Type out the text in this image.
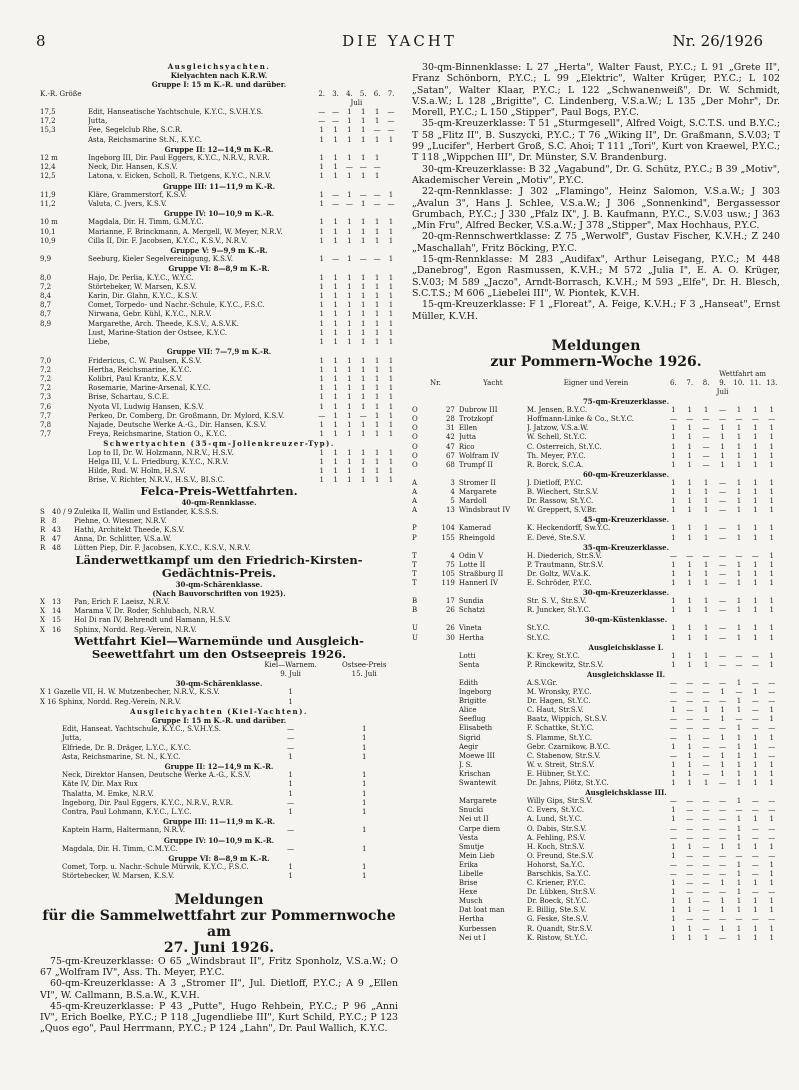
8	DIE YACHT	Nr. 26/1926
Ausgleichsyachten.
Kielyachten nach K.R.W.
Gruppe I: 15 m K.-R. und darüber.
K.-R. Größe		2.	3.	4.	5.	6.	7.
		Juli					
17,5	Edit, Hanseatische Yachtschule, K.Y.C., S.V.H.Y.S.	—	—	1	1	1	—
17,2	Jutta,	—	—	1	1	1	—
15,3	Fee, Segelclub Rhe, S.C.R.	1	1	1	1	—	—
	Asta, Reichsmarine St.N., K.Y.C.	1	1	1	1	1	1
Gruppe II: 12—14,9 m K.-R.							
12 m	Ingeborg III, Dir. Paul Eggers, K.Y.C., N.R.V., R.V.R.	1	1	1	1	1	
12,4	Neck, Dir. Hansen, K.S.V.	1	1	—	—	—	
12,5	Latona, v. Eicken, Scholl, R. Tietgens, K.Y.C., N.R.V.	1	1	1	1	1	
Gruppe III: 11—11,9 m K.-R.							
11,9	Kläre, Grammerstorf, K.S.V.	1	—	1	—	—	1
11,2	Valuta, C. Jvers, K.S.V.	1	—	—	1	—	—
Gruppe IV: 10—10,9 m K.-R.							
10 m	Magdala, Dir. H. Timm, G.M.Y.C.	1	1	1	1	1	1
10,1	Marianne, F. Brinckmann, A. Mergell, W. Meyer, N.R.V.	1	1	1	1	1	1
10,9	Cilla II, Dir. F. Jacobsen, K.Y.C., K.S.V., N.R.V.	1	1	1	1	1	1
Gruppe V: 9—9,9 m K.-R.							
9,9	Seeburg, Kieler Segelvereinigung, K.S.V.	1	—	1	—	—	1
Gruppe VI: 8—8,9 m K.-R.							
8,0	Hajo, Dr. Perlia, K.Y.C., W.Y.C.	1	1	1	1	1	1
7,2	Störtebeker, W. Marsen, K.S.V.	1	1	1	1	1	1
8,4	Karin, Dir. Glahn, K.Y.C., K.S.V.	1	1	1	1	1	1
8,7	Comet, Torpedo- und Nachr.-Schule, K.Y.C., F.S.C.	1	1	1	1	1	1
8,7	Nirwana, Gebr. Kühl, K.Y.C., N.R.V.	1	1	1	1	1	1
8,9	Margarethe, Arch. Theede, K.S.V., A.S.V.K.	1	1	1	1	1	1
	Lust, Marine-Station der Ostsee, K.Y.C.	1	1	1	1	1	1
	Liebe,	1	1	1	1	1	1
Gruppe VII: 7—7,9 m K.-R.							
7,0	Fridericus, C. W. Paulsen, K.S.V.	1	1	1	1	1	1
7,2	Hertha, Reichsmarine, K.Y.C.	1	1	1	1	1	1
7,2	Kolibri, Paul Krantz, K.S.V.	1	1	1	1	1	1
7,2	Rosemarie, Marine-Arsenal, K.Y.C.	1	1	1	1	1	1
7,3	Brise, Schartau, S.C.E.	1	1	1	1	1	1
7,6	Nyota VI, Ludwig Hansen, K.S.V.	1	1	1	1	1	1
7,7	Perkeo, Dr. Comberg, Dr. Großmann, Dr. Mylord, K.S.V.	—	1	1	—	1	1
7,8	Najade, Deutsche Werke A.-G., Dir. Hansen, K.S.V.	1	1	1	1	1	1
7,7	Freya, Reichsmarine, Station O., K.Y.C.	1	1	1	1	1	1
Schwertyachten (35-qm-Jollenkreuzer-Typ).							
	Lop to II, Dr. W. Holzmann, N.R.V., H.S.V.	1	1	1	1	1	1
	Helga III, V. L. Friedburg, K.Y.C., N.R.V.	1	1	1	1	1	1
	Hilde, Rud. W. Holm, H.S.V.	1	1	1	1	1	1
	Brise, V. Richter, N.R.V., H.S.V., BI.S.C.	1	1	1	1	1	1
Felca-Preis-Wettfahrten.
40-qm-Rennklasse.
S	40 / 9	Zuleika II, Wallin und Estlander, K.S.S.S.
R	8	Piehne, O. Wiesner, N.R.V.
R	43	Hathi, Architekt Theede, K.S.V.
R	47	Anna, Dr. Schlitter, V.S.a.W.
R	48	Lütten Piep, Dir. F. Jacobsen, K.Y.C., K.S.V., N.R.V.
Länderwettkampf um den Friedrich-Kirsten-Gedächtnis-Preis.
30-qm-Schärenklasse.
(Nach Bauvorschriften von 1925).
X	13	Pan, Erich F. Laeisz, N.R.V.
X	14	Marama V, Dr. Roder, Schlubach, N.R.V.
X	15	Hol Di ran IV, Behrendt und Hamann, H.S.V.
X	16	Sphinx, Nordd. Reg.-Verein, N.R.V.
Wettfahrt Kiel—Warnemünde und Ausgleich-Seewettfahrt um den Ostseepreis 1926.
	Kiel—Warnem.	Ostsee-Preis
	9. Juli	15. Juli
30-qm-Schärenklasse.		
X 1 Gazelle VII, H. W. Mutzenbecher, N.R.V., K.S.V.	1	
X 16 Sphinx, Nordd. Reg.-Verein, N.R.V.	1	
Ausgleichyachten (Kiel-Yachten).		
Gruppe I: 15 m K.-R. und darüber.		
Edit, Hanseat. Yachtschule, K.Y.C., S.V.H.Y.S.	—	1
Jutta,	—	1
Elfriede, Dr. B. Dräger, L.Y.C., K.Y.C.	—	1
Asta, Reichsmarine, St. N., K.Y.C.	1	1
Gruppe II: 12—14,9 m K.-R.		
Neck, Direktor Hansen, Deutsche Werke A.-G., K.S.V.	1	1
Käte IV, Dir. Max Rux	1	1
Thalatta, M. Emke, N.R.V.	1	1
Ingeborg, Dir. Paul Eggers, K.Y.C., N.R.V., R.V.R.	—	1
Contra, Paul Lohmann, K.Y.C., L.Y.C.	1	1
Gruppe III: 11—11,9 m K.-R.		
Kaptein Harm, Haltermann, N.R.V.	—	1
Gruppe IV: 10—10,9 m K.-R.		
Magdala, Dir. H. Timm, C.M.Y.C.	—	1
Gruppe VI: 8—8,9 m K.-R.		
Comet, Torp. u. Nachr.-Schule Mürwik, K.Y.C., F.S.C.	1	1
Störtebecker, W. Marsen, K.S.V.	1	1
Meldungen
für die Sammelwettfahrt zur Pommernwoche am
27. Juni 1926.

75-qm-Kreuzerklasse: O 65 „Windsbraut II", Fritz Sponholz, V.S.a.W.; O 67 „Wolfram IV", Ass. Th. Meyer, P.Y.C.

60-qm-Kreuzerklasse: A 3 „Stromer II", Jul. Dietloff, P.Y.C.; A 9 „Ellen VI", W. Callmann, B.S.a.W., K.V.H.

45-qm-Kreuzerklasse: P 43 „Putte", Hugo Rehbein, P.Y.C.; P 96 „Anni IV", Erich Boelke, P.Y.C.; P 118 „Jugendliebe III", Kurt Schild, P.Y.C.; P 123 „Quos ego", Paul Herrmann, P.Y.C.; P 124 „Lahn", Dr. Paul Wallich, K.Y.C.

30-qm-Binnenklasse: L 27 „Herta", Walter Faust, P.Y.C.; L 91 „Grete II", Franz Schönborn, P.Y.C.; L 99 „Elektric", Walter Krüger, P.Y.C.; L 102 „Satan", Walter Klaar, P.Y.C.; L 122 „Schwanenweiß", Dr. W. Schmidt, V.S.a.W.; L 128 „Brigitte", C. Lindenberg, V.S.a.W.; L 135 „Der Mohr", Dr. Morell, P.Y.C.; L 150 „Stipper", Paul Bogs, P.Y.C.

35-qm-Kreuzerklasse: T 51 „Sturmgesell", Alfred Voigt, S.C.T.S. und B.Y.C.; T 58 „Flitz II", B. Suszycki, P.Y.C.; T 76 „Wiking II", Dr. Graßmann, S.V.03; T 99 „Lucifer", Herbert Groß, S.C. Ahoi; T 111 „Tori", Kurt von Kraewel, P.Y.C.; T 118 „Wippchen III", Dr. Münster, S.V. Brandenburg.

30-qm-Kreuzerklasse: B 32 „Vagabund", Dr. G. Schütz, P.Y.C.; B 39 „Motiv", Akademischer Verein „Motiv", P.Y.C.

22-qm-Rennklasse: J 302 „Flamingo", Heinz Salomon, V.S.a.W.; J 303 „Avalun 3", Hans J. Schlee, V.S.a.W.; J 306 „Sonnenkind", Bergassessor Grumbach, P.Y.C.; J 330 „Pfalz IX", J. B. Kaufmann, P.Y.C., S.V.03 usw.; J 363 „Min Fru", Alfred Becker, V.S.a.W.; J 378 „Stipper", Max Hochhaus, P.Y.C.

20-qm-Rennschwertklasse: Z 75 „Werwolf", Gustav Fischer, K.V.H.; Z 240 „Maschallah", Fritz Böcking, P.Y.C.

15-qm-Rennklasse: M 283 „Audifax", Arthur Leisegang, P.Y.C.; M 448 „Danebrog", Egon Rasmussen, K.V.H.; M 572 „Julia I", E. A. O. Krüger, S.V.03; M 589 „Jaczo", Arndt-Borrasch, K.V.H.; M 593 „Elfe", Dr. H. Blesch, S.C.T.S.; M 606 „Liebelei III", W. Piontek, K.V.H.

15-qm-Kreuzerklasse: F 1 „Floreat", A. Feige, K.V.H.; F 3 „Hanseat", Ernst Müller, K.V.H.

Meldungen
zur Pommern-Woche 1926.
				Wettfahrt am						
Nr.		Yacht	Eigner und Verein	6.	7.	8.	9.	10.	11.	13.
				Juli						
75-qm-Kreuzerklasse.										
O	27	Dubrow III	M. Jensen, B.Y.C.	1	1	1	—	1	1	1
O	28	Trotzkopf	Hoffmann-Linke & Co., St.Y.C.	—	—	—	—	—	—	—
O	31	Ellen	J. Jatzow, V.S.a.W.	1	1	—	1	1	1	1
O	42	Jutta	W. Schell, St.Y.C.	1	1	—	1	1	1	1
O	47	Rico	C. Österreich, St.Y.C.	1	1	—	1	1	1	1
O	67	Wolfram IV	Th. Meyer, P.Y.C.	1	1	—	1	1	1	1
O	68	Trumpf II	R. Borck, S.C.A.	1	1	—	1	1	1	1
60-qm-Kreuzerklasse.										
A	3	Stromer II	J. Dietloff, P.Y.C.	1	1	1	—	1	1	1
A	4	Margarete	B. Wiechert, Str.S.V.	1	1	1	—	1	1	1
A	5	Mardoll	Dr. Rassow, St.Y.C.	1	1	1	—	1	1	1
A	13	Windsbraut IV	W. Greppert, S.V.Br.	1	1	1	—	1	1	1
45-qm-Kreuzerklasse.										
P	104	Kamerad	K. Heckendorff, Sw.Y.C.	1	1	1	—	1	1	1
P	155	Rheingold	E. Devé, Ste.S.V.	1	1	1	—	1	1	1
35-qm-Kreuzerklasse.										
T	4	Odin V	H. Diederich, Str.S.V.	—	—	—	—	—	—	1
T	75	Lotte II	P. Trautmann, Str.S.V.	1	1	1	—	1	1	1
T	105	Straßburg II	Dr. Goltz, W.V.a.K.	1	1	1	—	1	1	1
T	119	Hannerl IV	E. Schröder, P.Y.C.	1	1	1	—	1	1	1
30-qm-Kreuzerklasse.										
B	17	Sundia	Str. S. V., Str.S.V.	1	1	1	—	1	1	1
B	26	Schatzi	R. Juncker, St.Y.C.	1	1	1	—	1	1	1
30-qm-Küstenklasse.										
U	26	Vineta	St.Y.C.	1	1	1	—	1	1	1
U	30	Hertha	St.Y.C.	1	1	1	—	1	1	1
Ausgleichsklasse I.										
		Lotti	K. Krey, St.Y.C.	1	1	1	—	—	—	1
		Senta	P. Rinckewitz, Str.S.V.	1	1	1	—	—	—	1
Ausgleichsklasse II.										
		Edith	A.S.V.Gr.	—	—	—	—	1	—	—
		Ingeborg	M. Wronsky, P.Y.C.	—	—	—	1	—	1	—
		Brigitte	Dr. Hagen, St.Y.C.	—	—	—	—	1	—	—
		Alice	C. Haut, Str.S.V.	1	—	1	1	1	—	1
		Seeflug	Baatz, Wippich, St.S.V.	—	—	—	1	—	—	1
		Elisabeth	F. Schattke, St.Y.C.	—	—	—	—	1	—	—
		Sigrid	S. Flamme, St.Y.C.	—	1	—	1	1	1	1
		Aegir	Gebr. Czarnikow, B.Y.C.	1	1	—	—	1	1	—
		Moewe III	C. Stabenow, Str.S.V.	—	1	—	1	1	1	—
		J. S.	W. v. Streit, Str.S.V.	1	1	—	1	1	1	1
		Krischan	E. Hübner, St.Y.C.	1	1	—	1	1	1	1
		Swantewit	Dr. Jahns, Plötz, St.Y.C.	1	1	1	—	1	1	1
Ausgleichsklasse III.										
		Margarete	Willy Gips, Str.S.V.	—	—	—	—	1	—	—
		Snucki	C. Evers, St.Y.C.	1	—	—	—	—	—	—
		Nei ut II	A. Lund, St.Y.C.	1	—	—	—	1	1	1
		Carpe diem	O. Dabis, Str.S.V.	—	—	—	—	1	—	—
		Vesta	A. Fehling, P.S.V.	—	—	—	—	1	—	—
		Smutje	H. Koch, Str.S.V.	1	1	—	1	1	1	1
		Mein Lieb	O. Freund, Ste.S.V.	1	—	—	—	—	—	—
		Erika	Hohorst, Sa.Y.C.	—	—	—	—	1	—	1
		Libelle	Barschkis, Sa.Y.C.	—	—	—	—	1	—	1
		Brise	C. Kriener, P.Y.C.	1	—	—	1	1	1	1
		Hexe	Dr. Lübken, Str.S.V.	1	—	—	—	1	—	—
		Musch	Dr. Boeck, St.Y.C.	1	1	—	1	1	1	1
		Dat loat man	E. Billig, Ste.S.V.	1	1	—	1	1	1	1
		Hertha	G. Feske, Ste.S.V.	1	—	—	—	—	—	—
		Kurbessen	R. Quandt, Str.S.V.	1	1	—	1	1	1	1
		Nei ut I	K. Ristow, St.Y.C.	1	1	1	—	1	1	1
